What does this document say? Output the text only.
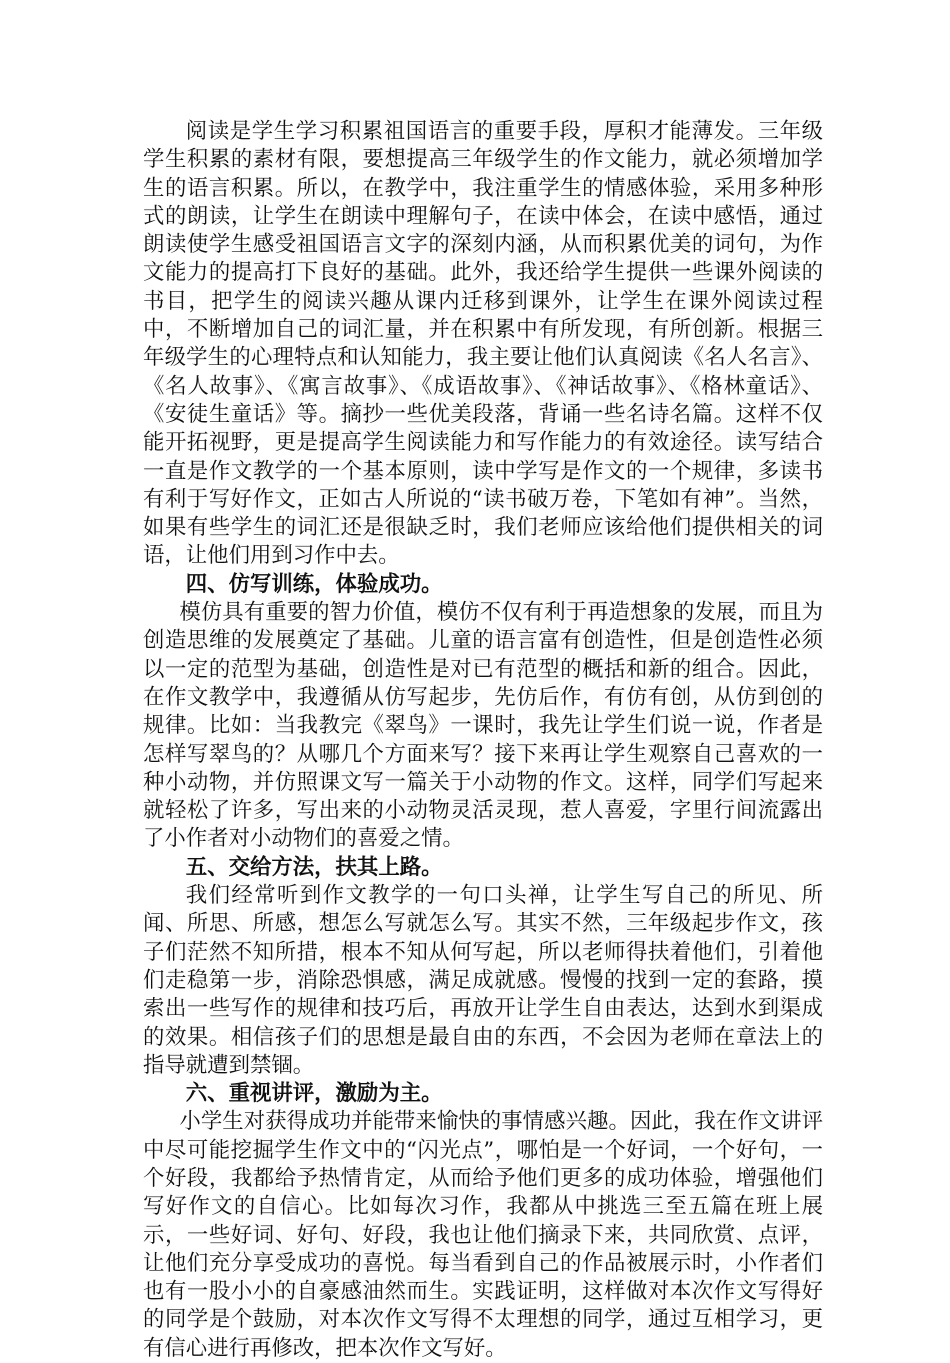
阅读是学生学习积累祖国语言的重要手段，厚积才能薄发。三年级学生积累的素材有限，要想提高三年级学生的作文能力，就必须增加学生的语言积累。所以，在教学中，我注重学生的情感体验，采用多种形式的朗读，让学生在朗读中理解句子，在读中体会，在读中感悟，通过朗读使学生感受祖国语言文字的深刻内涵，从而积累优美的词句，为作文能力的提高打下良好的基础。此外，我还给学生提供一些课外阅读的书目，把学生的阅读兴趣从课内迁移到课外，让学生在课外阅读过程中，不断增加自己的词汇量，并在积累中有所发现，有所创新。根据三年级学生的心理特点和认知能力，我主要让他们认真阅读《名人名言》、《名人故事》、《寓言故事》、《成语故事》、《神话故事》、《格林童话》、《安徒生童话》等。摘抄一些优美段落，背诵一些名诗名篇。这样不仅能开拓视野，更是提高学生阅读能力和写作能力的有效途径。读写结合一直是作文教学的一个基本原则，读中学写是作文的一个规律，多读书有利于写好作文，正如古人所说的“读书破万卷，下笔如有神”。当然，如果有些学生的词汇还是很缺乏时，我们老师应该给他们提供相关的词语，让他们用到习作中去。

四、仿写训练，体验成功。

模仿具有重要的智力价值，模仿不仅有利于再造想象的发展，而且为创造思维的发展奠定了基础。儿童的语言富有创造性，但是创造性必须以一定的范型为基础，创造性是对已有范型的概括和新的组合。因此，在作文教学中，我遵循从仿写起步，先仿后作，有仿有创，从仿到创的规律。比如：当我教完《翠鸟》一课时，我先让学生们说一说，作者是怎样写翠鸟的？从哪几个方面来写？接下来再让学生观察自己喜欢的一种小动物，并仿照课文写一篇关于小动物的作文。这样，同学们写起来就轻松了许多，写出来的小动物灵活灵现，惹人喜爱，字里行间流露出了小作者对小动物们的喜爱之情。

五、交给方法，扶其上路。

我们经常听到作文教学的一句口头禅，让学生写自己的所见、所闻、所思、所感，想怎么写就怎么写。其实不然，三年级起步作文，孩子们茫然不知所措，根本不知从何写起，所以老师得扶着他们，引着他们走稳第一步，消除恐惧感，满足成就感。慢慢的找到一定的套路，摸索出一些写作的规律和技巧后，再放开让学生自由表达，达到水到渠成的效果。相信孩子们的思想是最自由的东西，不会因为老师在章法上的指导就遭到禁锢。

六、重视讲评，激励为主。

小学生对获得成功并能带来愉快的事情感兴趣。因此，我在作文讲评中尽可能挖掘学生作文中的“闪光点”，哪怕是一个好词，一个好句，一个好段，我都给予热情肯定，从而给予他们更多的成功体验，增强他们写好作文的自信心。比如每次习作，我都从中挑选三至五篇在班上展示，一些好词、好句、好段，我也让他们摘录下来，共同欣赏、点评，让他们充分享受成功的喜悦。每当看到自己的作品被展示时，小作者们也有一股小小的自豪感油然而生。实践证明，这样做对本次作文写得好的同学是个鼓励，对本次作文写得不太理想的同学，通过互相学习，更有信心进行再修改，把本次作文写好。
